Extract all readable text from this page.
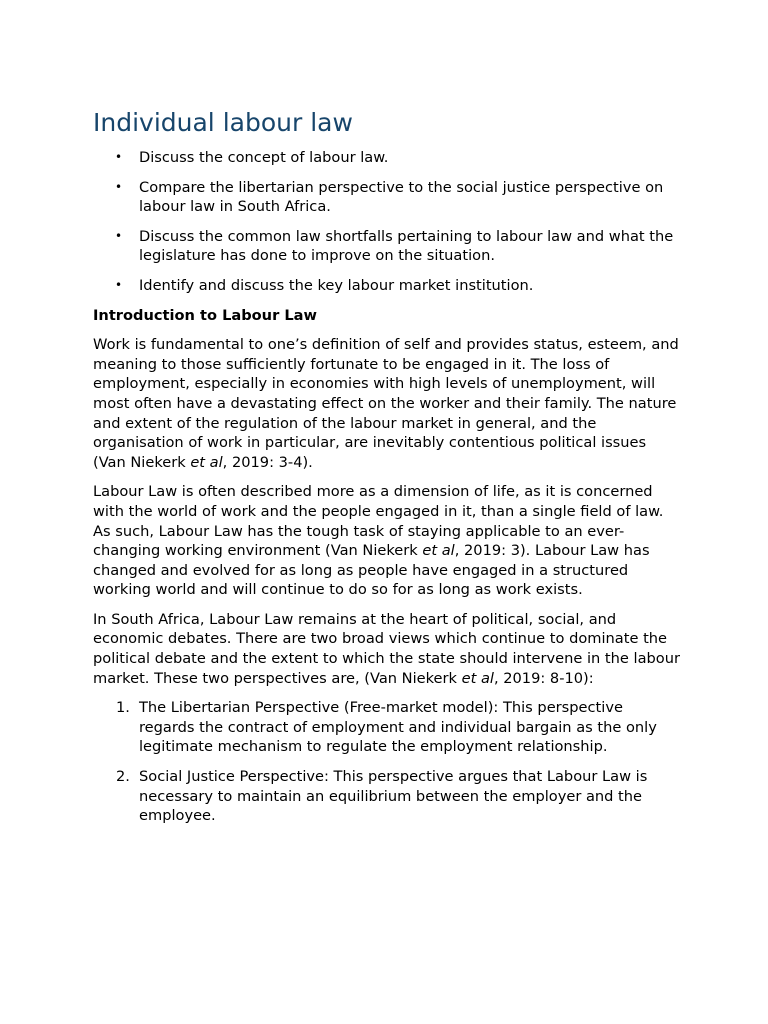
Individual labour law
• Discuss the concept of labour law.
• Compare the libertarian perspective to the social justice perspective on labour law in South Africa.
• Discuss the common law shortfalls pertaining to labour law and what the legislature has done to improve on the situation.
• Identify and discuss the key labour market institution.
Introduction to Labour Law

Work is fundamental to one’s definition of self and provides status, esteem, and meaning to those sufficiently fortunate to be engaged in it. The loss of employment, especially in economies with high levels of unemployment, will most often have a devastating effect on the worker and their family. The nature and extent of the regulation of the labour market in general, and the organisation of work in particular, are inevitably contentious political issues (Van Niekerk et al, 2019: 3-4).

Labour Law is often described more as a dimension of life, as it is concerned with the world of work and the people engaged in it, than a single field of law. As such, Labour Law has the tough task of staying applicable to an ever-changing working environment (Van Niekerk et al, 2019: 3). Labour Law has changed and evolved for as long as people have engaged in a structured working world and will continue to do so for as long as work exists.

In South Africa, Labour Law remains at the heart of political, social, and economic debates. There are two broad views which continue to dominate the political debate and the extent to which the state should intervene in the labour market. These two perspectives are, (Van Niekerk et al, 2019: 8-10):

1. The Libertarian Perspective (Free-market model): This perspective regards the contract of employment and individual bargain as the only legitimate mechanism to regulate the employment relationship.
2. Social Justice Perspective: This perspective argues that Labour Law is necessary to maintain an equilibrium between the employer and the employee.
